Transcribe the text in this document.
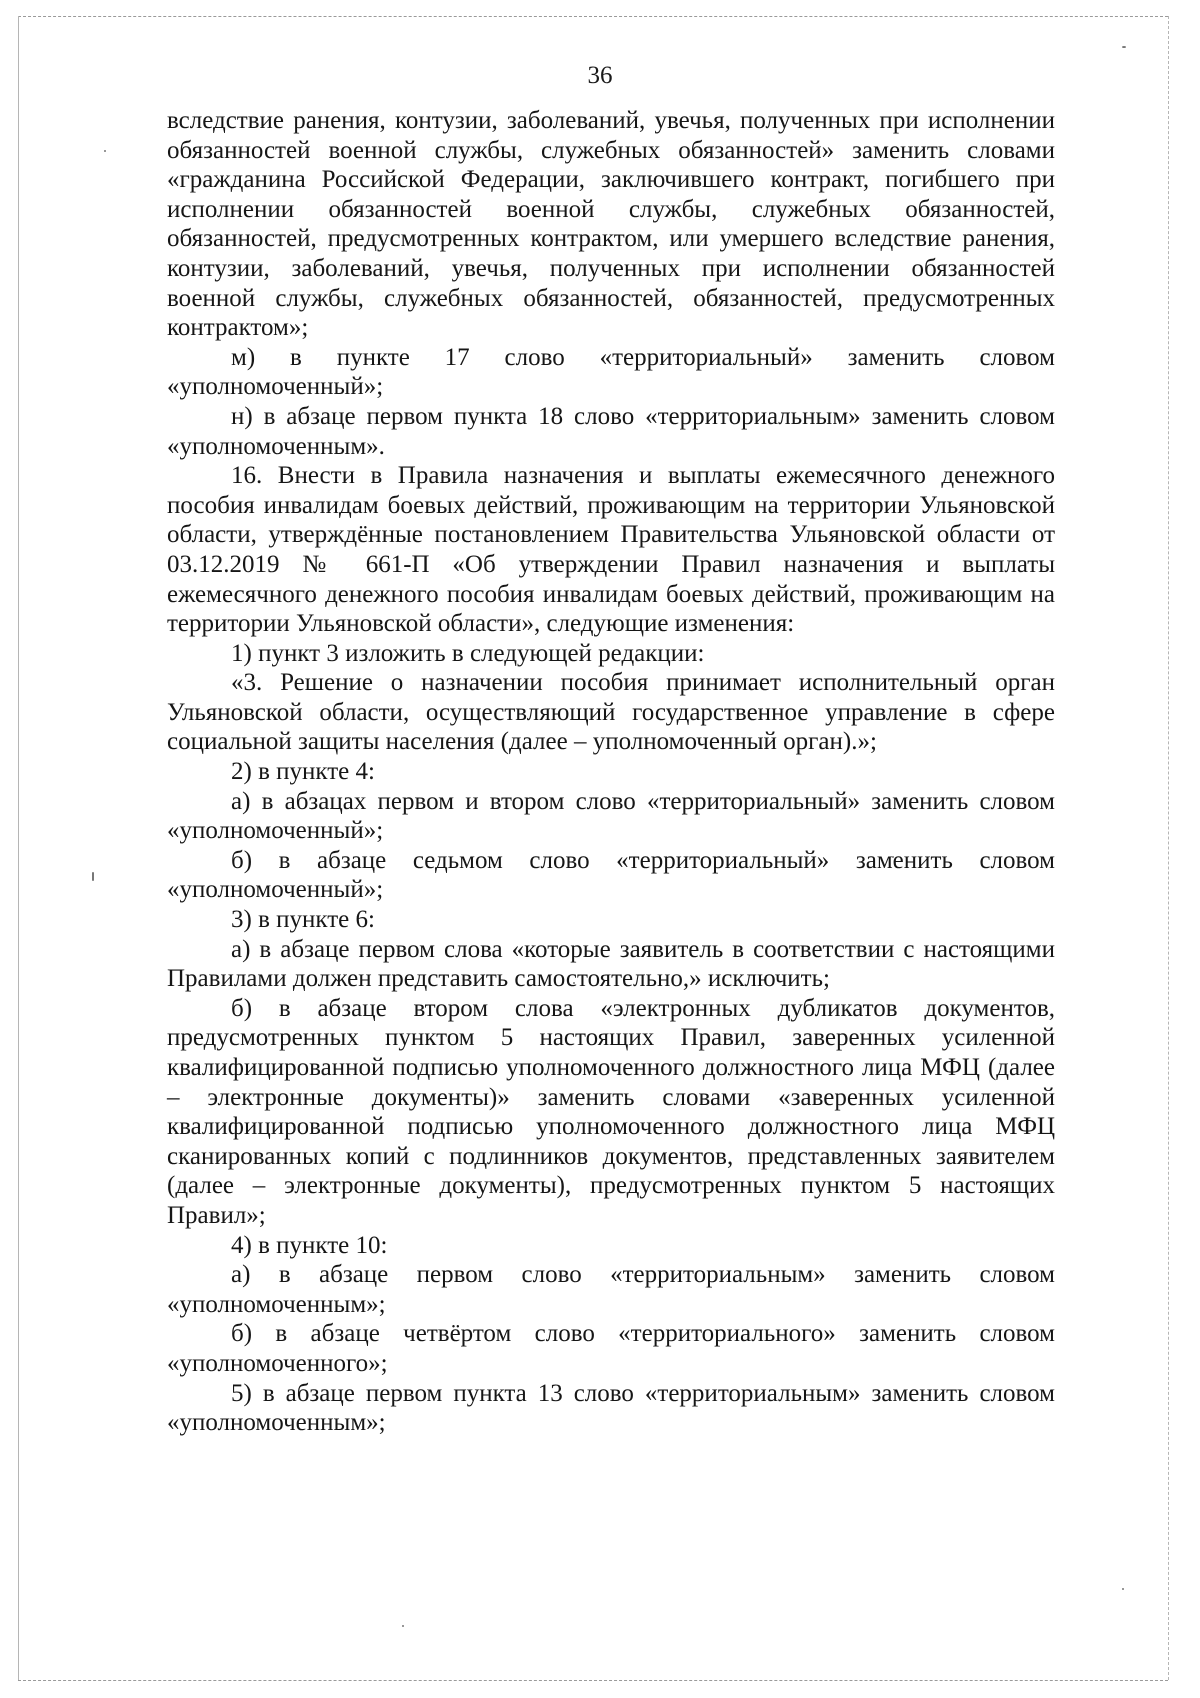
36

вследствие ранения, контузии, заболеваний, увечья, полученных при исполнении обязанностей военной службы, служебных обязанностей» заменить словами «гражданина Российской Федерации, заключившего контракт, погибшего при исполнении обязанностей военной службы, служебных обязанностей, обязанностей, предусмотренных контрактом, или умершего вследствие ранения, контузии, заболеваний, увечья, полученных при исполнении обязанностей военной службы, служебных обязанностей, обязанностей, предусмотренных контрактом»;

м) в пункте 17 слово «территориальный» заменить словом «уполномоченный»;

н) в абзаце первом пункта 18 слово «территориальным» заменить словом «уполномоченным».

16. Внести в Правила назначения и выплаты ежемесячного денежного пособия инвалидам боевых действий, проживающим на территории Ульяновской области, утверждённые постановлением Правительства Ульяновской области от 03.12.2019 № 661-П «Об утверждении Правил назначения и выплаты ежемесячного денежного пособия инвалидам боевых действий, проживающим на территории Ульяновской области», следующие изменения:

1) пункт 3 изложить в следующей редакции:

«3. Решение о назначении пособия принимает исполнительный орган Ульяновской области, осуществляющий государственное управление в сфере социальной защиты населения (далее – уполномоченный орган).»;

2) в пункте 4:

а) в абзацах первом и втором слово «территориальный» заменить словом «уполномоченный»;

б) в абзаце седьмом слово «территориальный» заменить словом «уполномоченный»;

3) в пункте 6:

а) в абзаце первом слова «которые заявитель в соответствии с настоящими Правилами должен представить самостоятельно,» исключить;

б) в абзаце втором слова «электронных дубликатов документов, предусмотренных пунктом 5 настоящих Правил, заверенных усиленной квалифицированной подписью уполномоченного должностного лица МФЦ (далее – электронные документы)» заменить словами «заверенных усиленной квалифицированной подписью уполномоченного должностного лица МФЦ сканированных копий с подлинников документов, представленных заявителем (далее – электронные документы), предусмотренных пунктом 5 настоящих Правил»;

4) в пункте 10:

а) в абзаце первом слово «территориальным» заменить словом «уполномоченным»;

б) в абзаце четвёртом слово «территориального» заменить словом «уполномоченного»;

5) в абзаце первом пункта 13 слово «территориальным» заменить словом «уполномоченным»;
